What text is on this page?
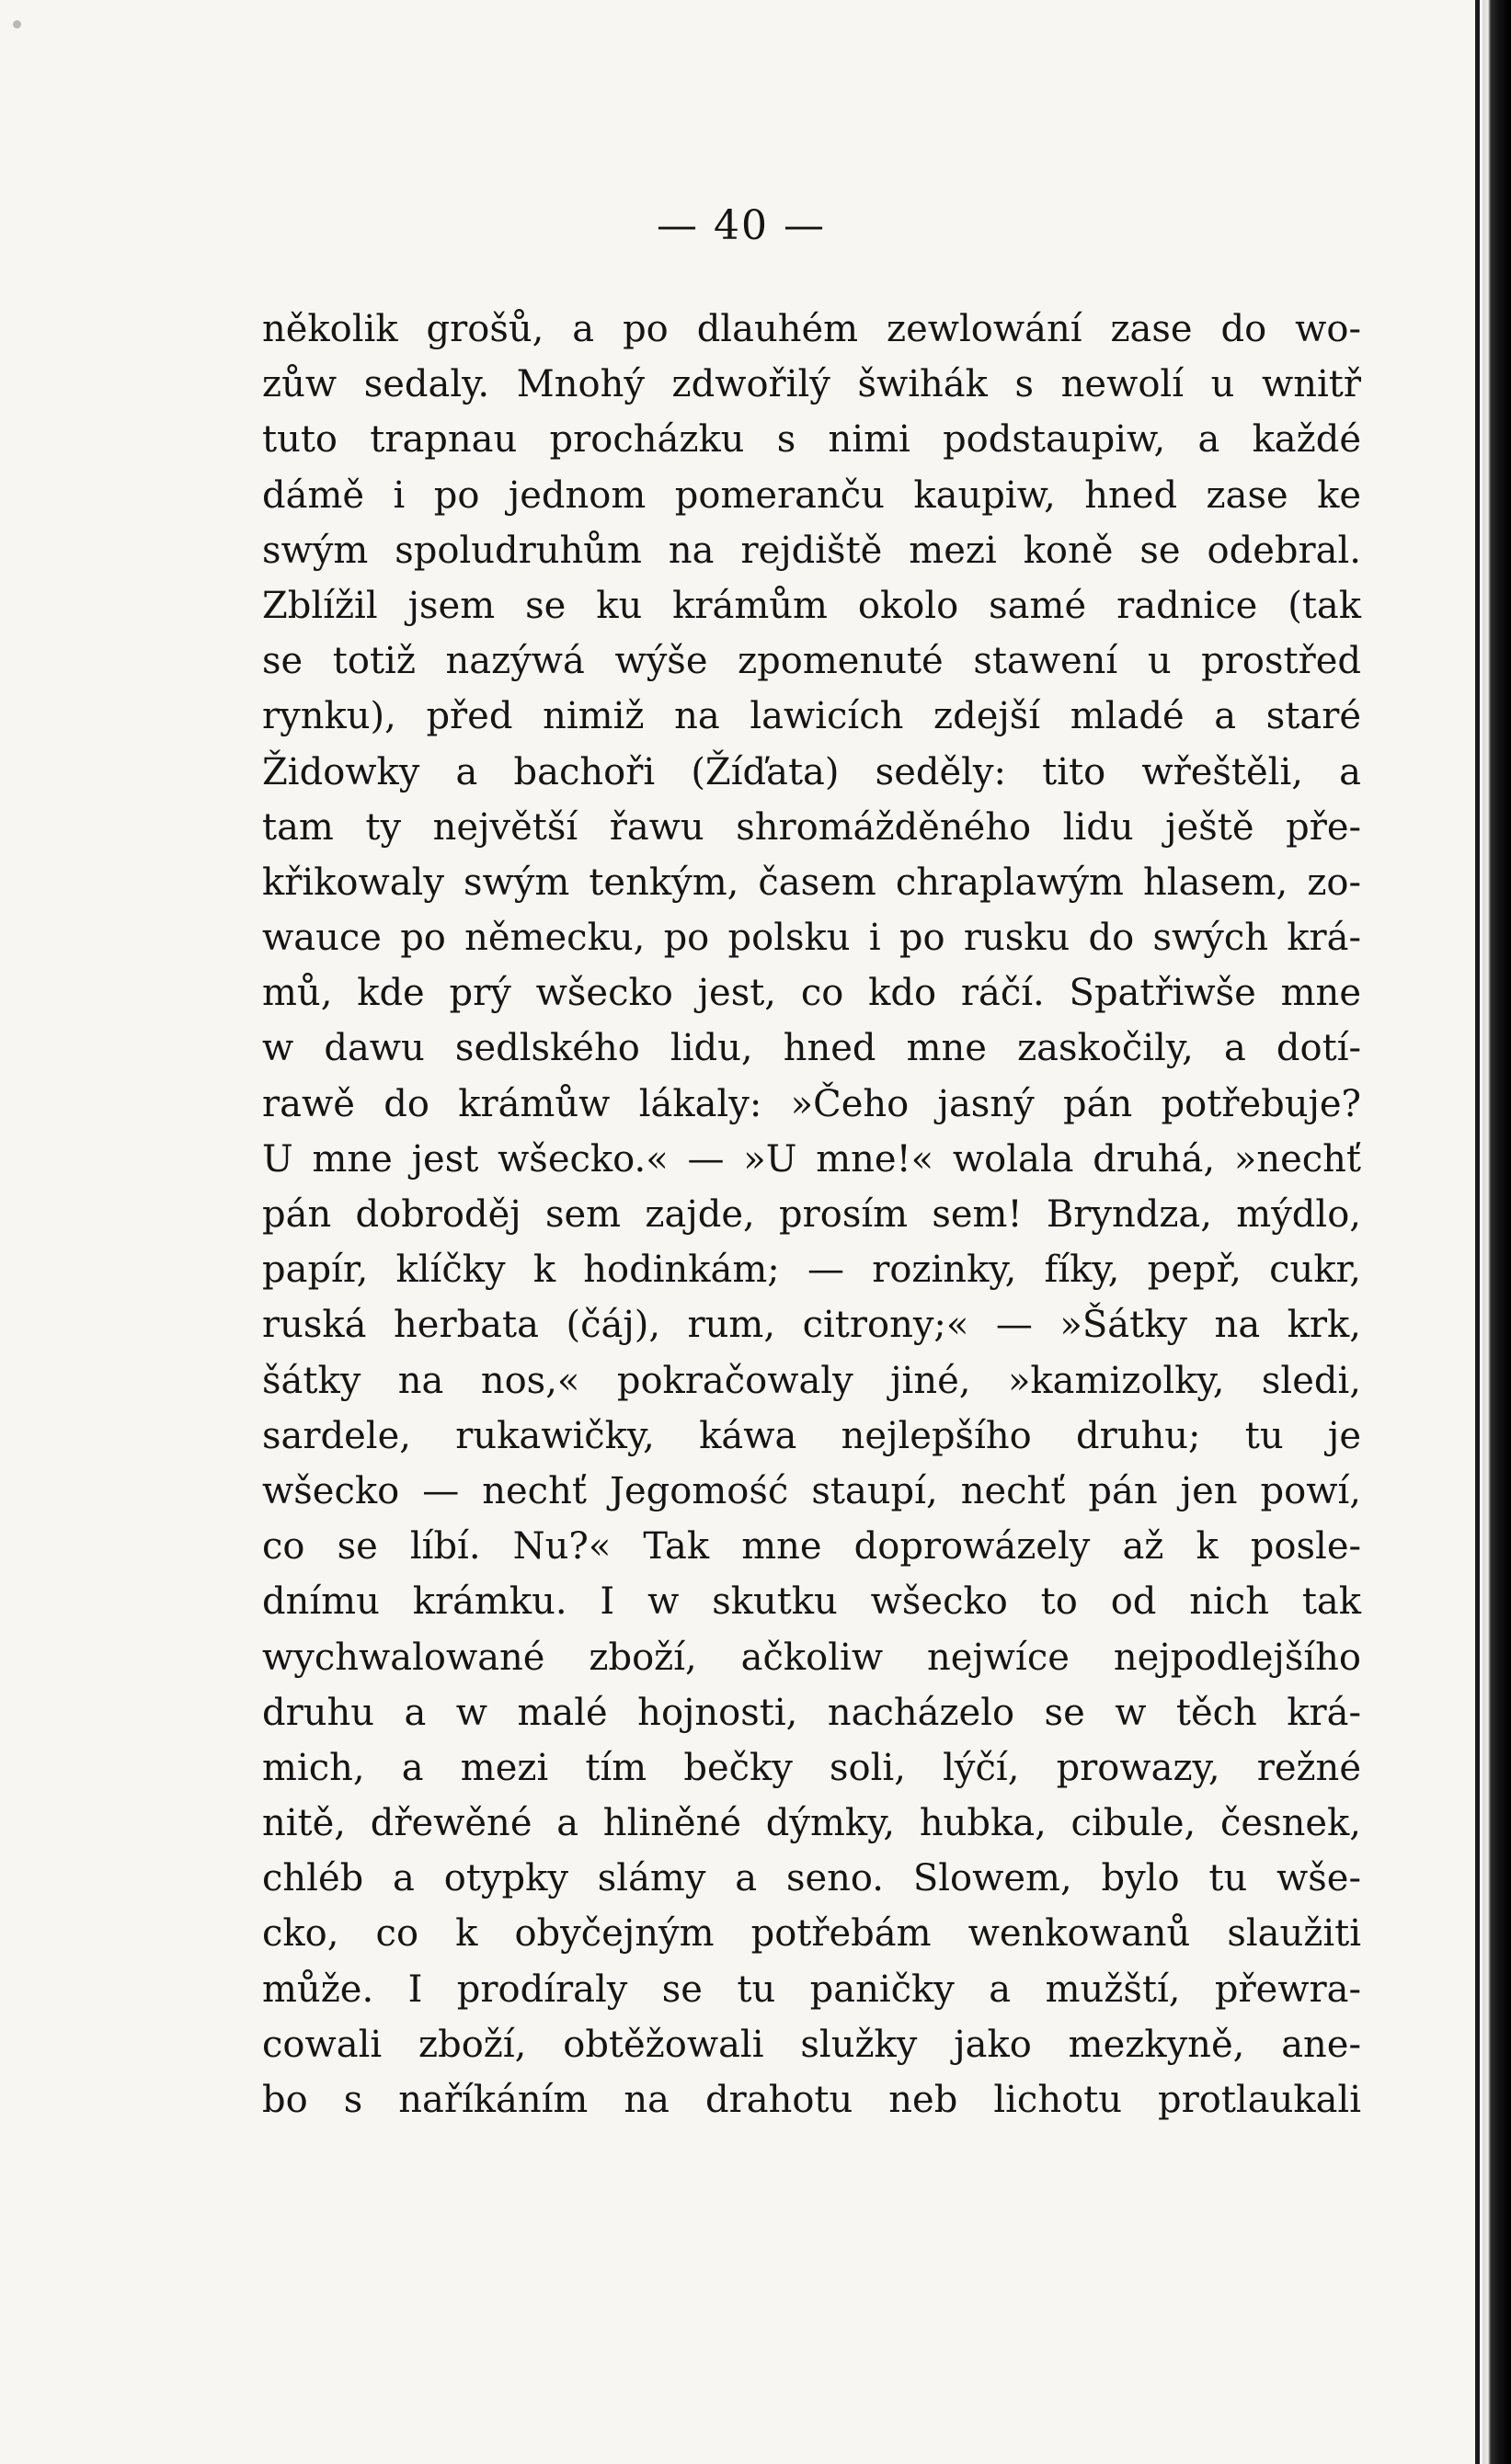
— 40 —
několik grošů, a po dlauhém zewlowání zase do wo-
zůw sedaly. Mnohý zdwořilý šwihák s newolí u wnitř
tuto trapnau procházku s nimi podstaupiw, a každé
dámě i po jednom pomeranču kaupiw, hned zase ke
swým spoludruhům na rejdiště mezi koně se odebral.
Zblížil jsem se ku krámům okolo samé radnice (tak
se totiž nazýwá wýše zpomenuté stawení u prostřed
rynku), před nimiž na lawicích zdejší mladé a staré
Židowky a bachoři (Žíďata) seděly: tito wřeštěli, a
tam ty největší řawu shromážděného lidu ještě pře-
křikowaly swým tenkým, časem chraplawým hlasem, zo-
wauce po německu, po polsku i po rusku do swých krá-
mů, kde prý wšecko jest, co kdo ráčí. Spatřiwše mne
w dawu sedlského lidu, hned mne zaskočily, a dotí-
rawě do krámůw lákaly: »Čeho jasný pán potřebuje?
U mne jest wšecko.« — »U mne!« wolala druhá, »nechť
pán dobroděj sem zajde, prosím sem! Bryndza, mýdlo,
papír, klíčky k hodinkám; — rozinky, fíky, pepř, cukr,
ruská herbata (čáj), rum, citrony;« — »Šátky na krk,
šátky na nos,« pokračowaly jiné, »kamizolky, sledi,
sardele, rukawičky, káwa nejlepšího druhu; tu je
wšecko — nechť Jegomość staupí, nechť pán jen powí,
co se líbí. Nu?« Tak mne doprowázely až k posle-
dnímu krámku. I w skutku wšecko to od nich tak
wychwalowané zboží, ačkoliw nejwíce nejpodlejšího
druhu a w malé hojnosti, nacházelo se w těch krá-
mich, a mezi tím bečky soli, lýčí, prowazy, režné
nitě, dřewěné a hliněné dýmky, hubka, cibule, česnek,
chléb a otypky slámy a seno. Slowem, bylo tu wše-
cko, co k obyčejným potřebám wenkowanů slaužiti
může. I prodíraly se tu paničky a mužští, přewra-
cowali zboží, obtěžowali služky jako mezkyně, ane-
bo s naříkáním na drahotu neb lichotu protlaukali
